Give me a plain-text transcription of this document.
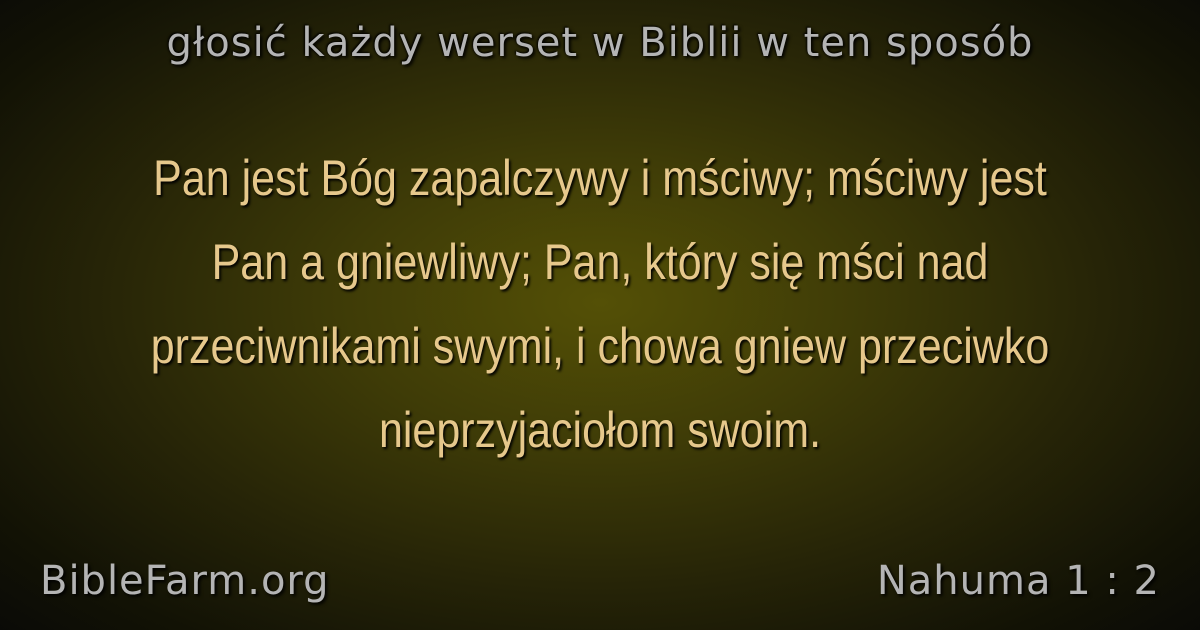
głosić każdy werset w Biblii w ten sposób
Pan jest Bóg zapalczywy i mściwy; mściwy jest Pan a gniewliwy; Pan, który się mści nad przeciwnikami swymi, i chowa gniew przeciwko nieprzyjaciołom swoim.
BibleFarm.org	Nahuma 1 : 2
